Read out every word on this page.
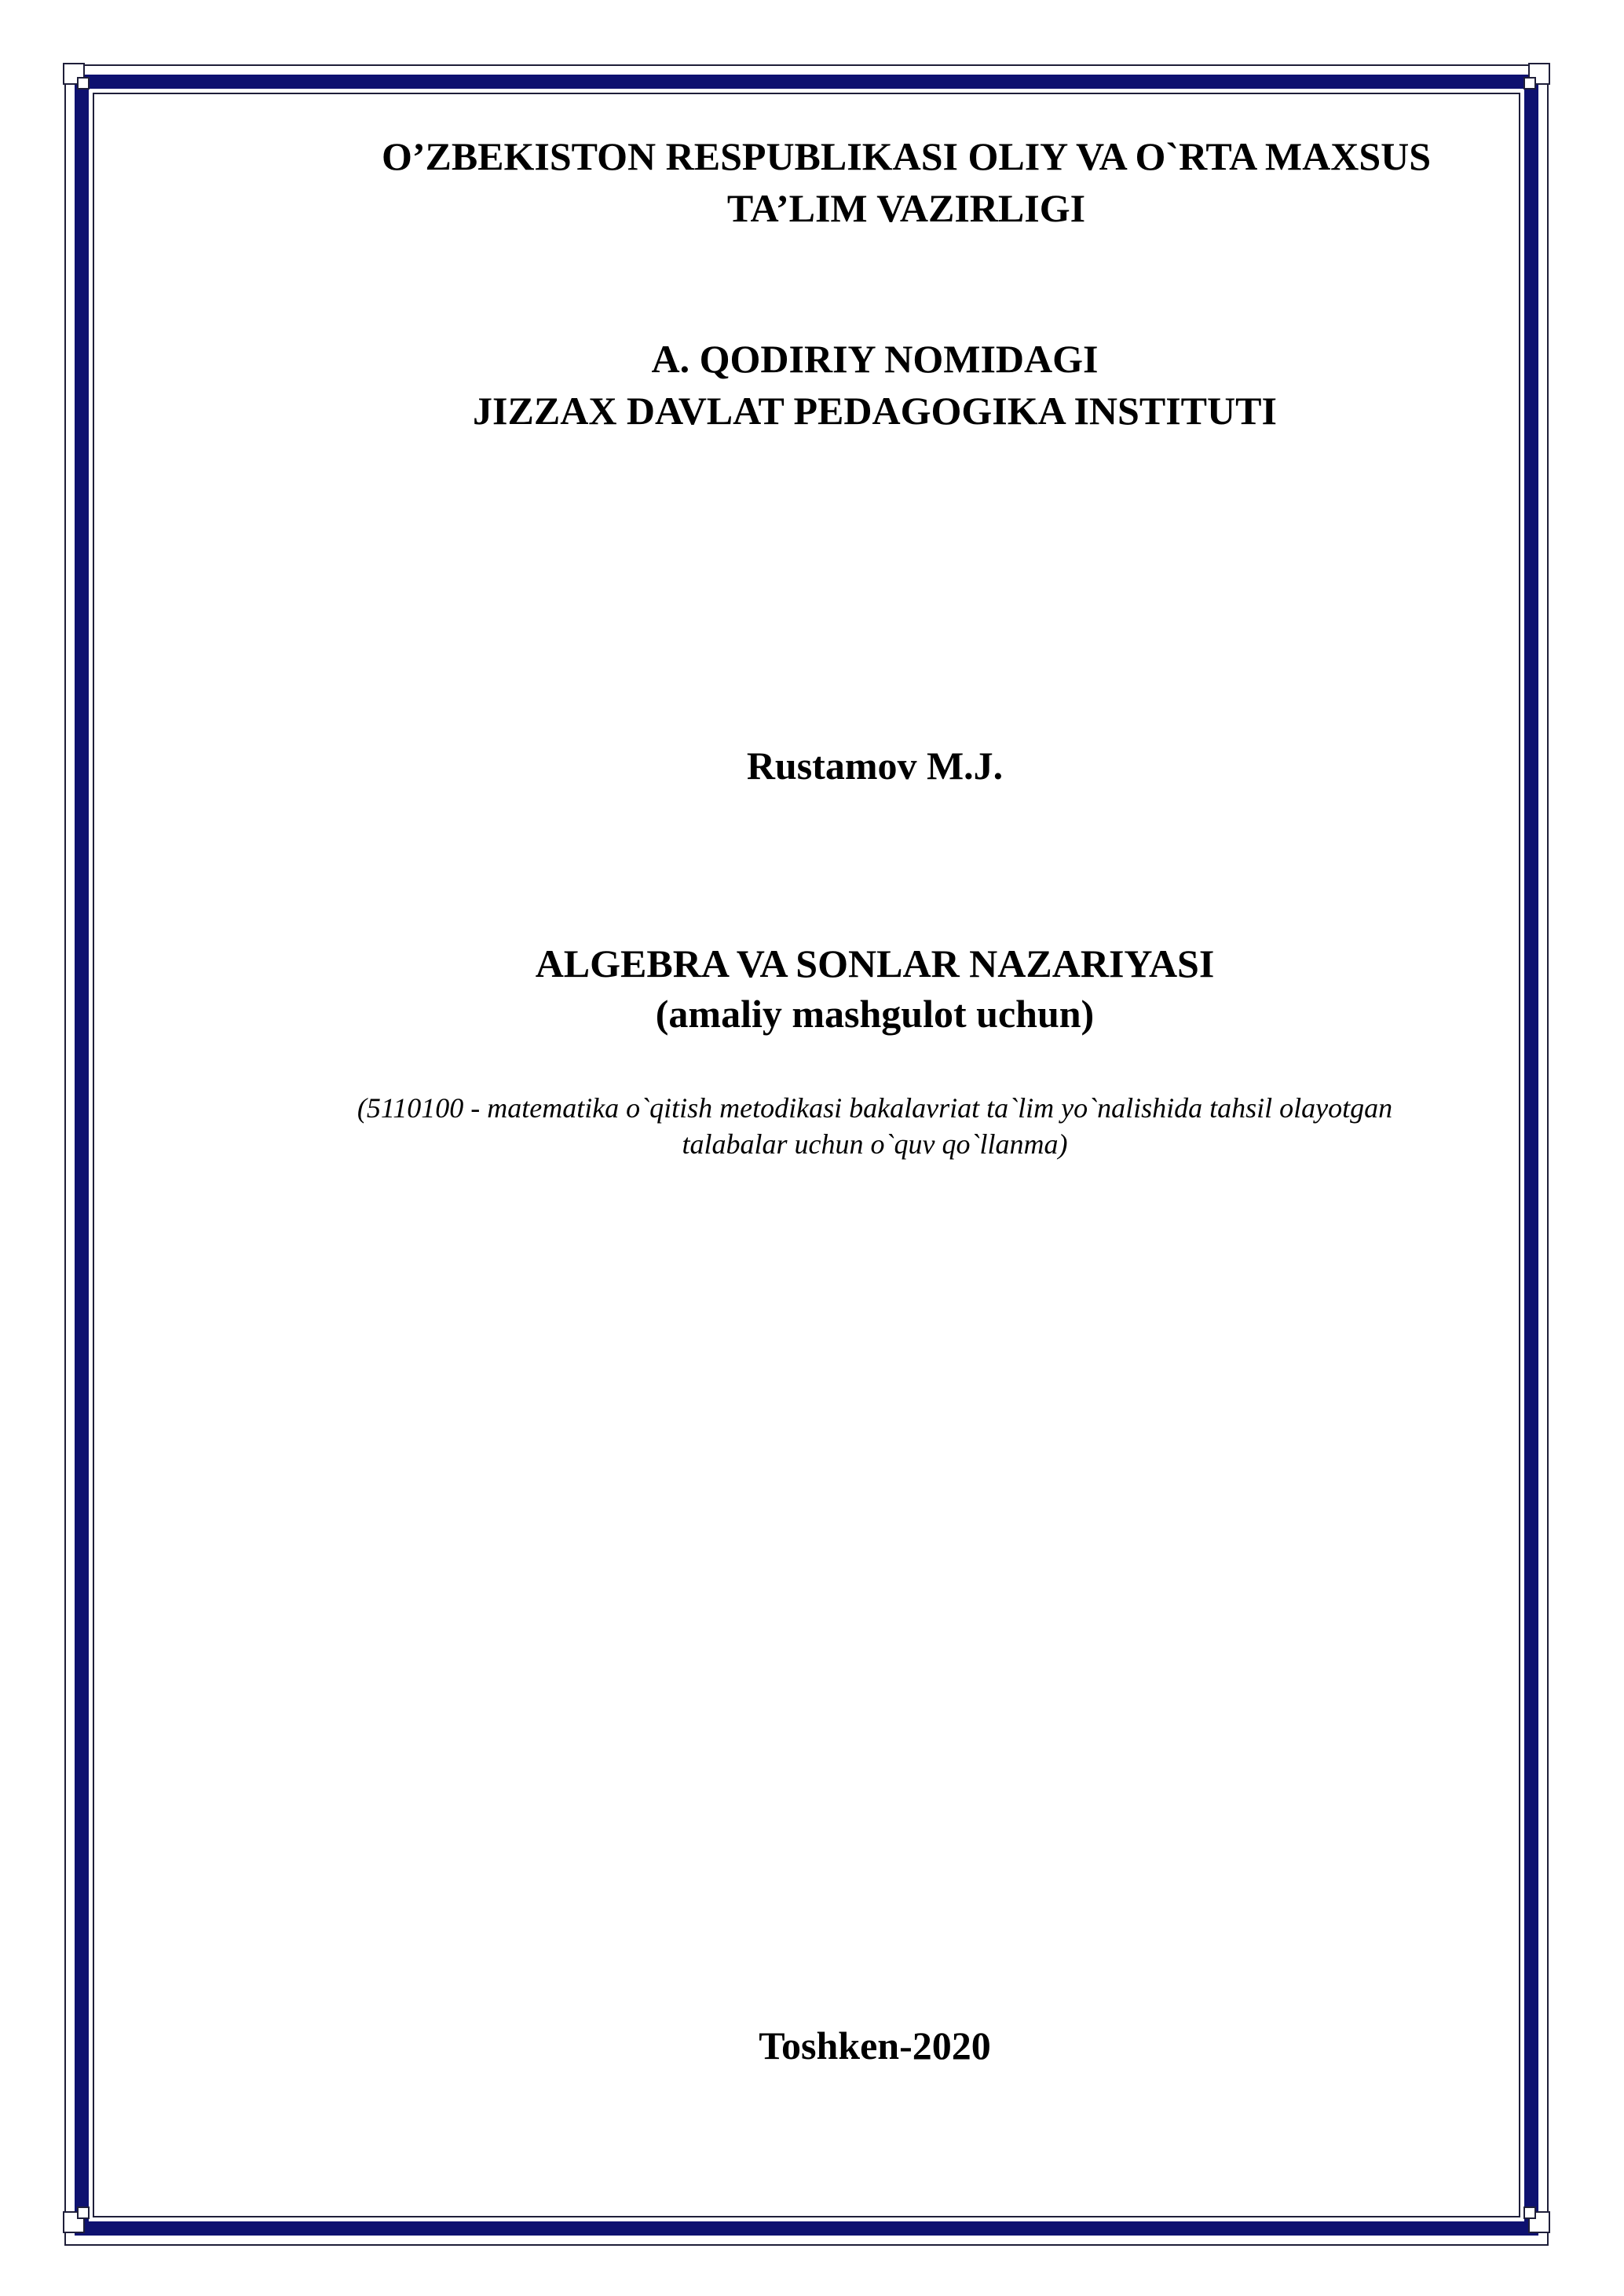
O’ZBEKISTON RESPUBLIKASI OLIY VA O`RTA MAXSUS
TA’LIM VAZIRLIGI
A. QODIRIY NOMIDAGI
JIZZAX DAVLAT PEDAGOGIKA INSTITUTI
Rustamov M.J.
ALGEBRA VA SONLAR NAZARIYASI
(amaliy mashgulot uchun)
(5110100 - matematika o`qitish metodikasi bakalavriat ta`lim yo`nalishida tahsil olayotgan
talabalar uchun o`quv qo`llanma)
Toshken-2020
